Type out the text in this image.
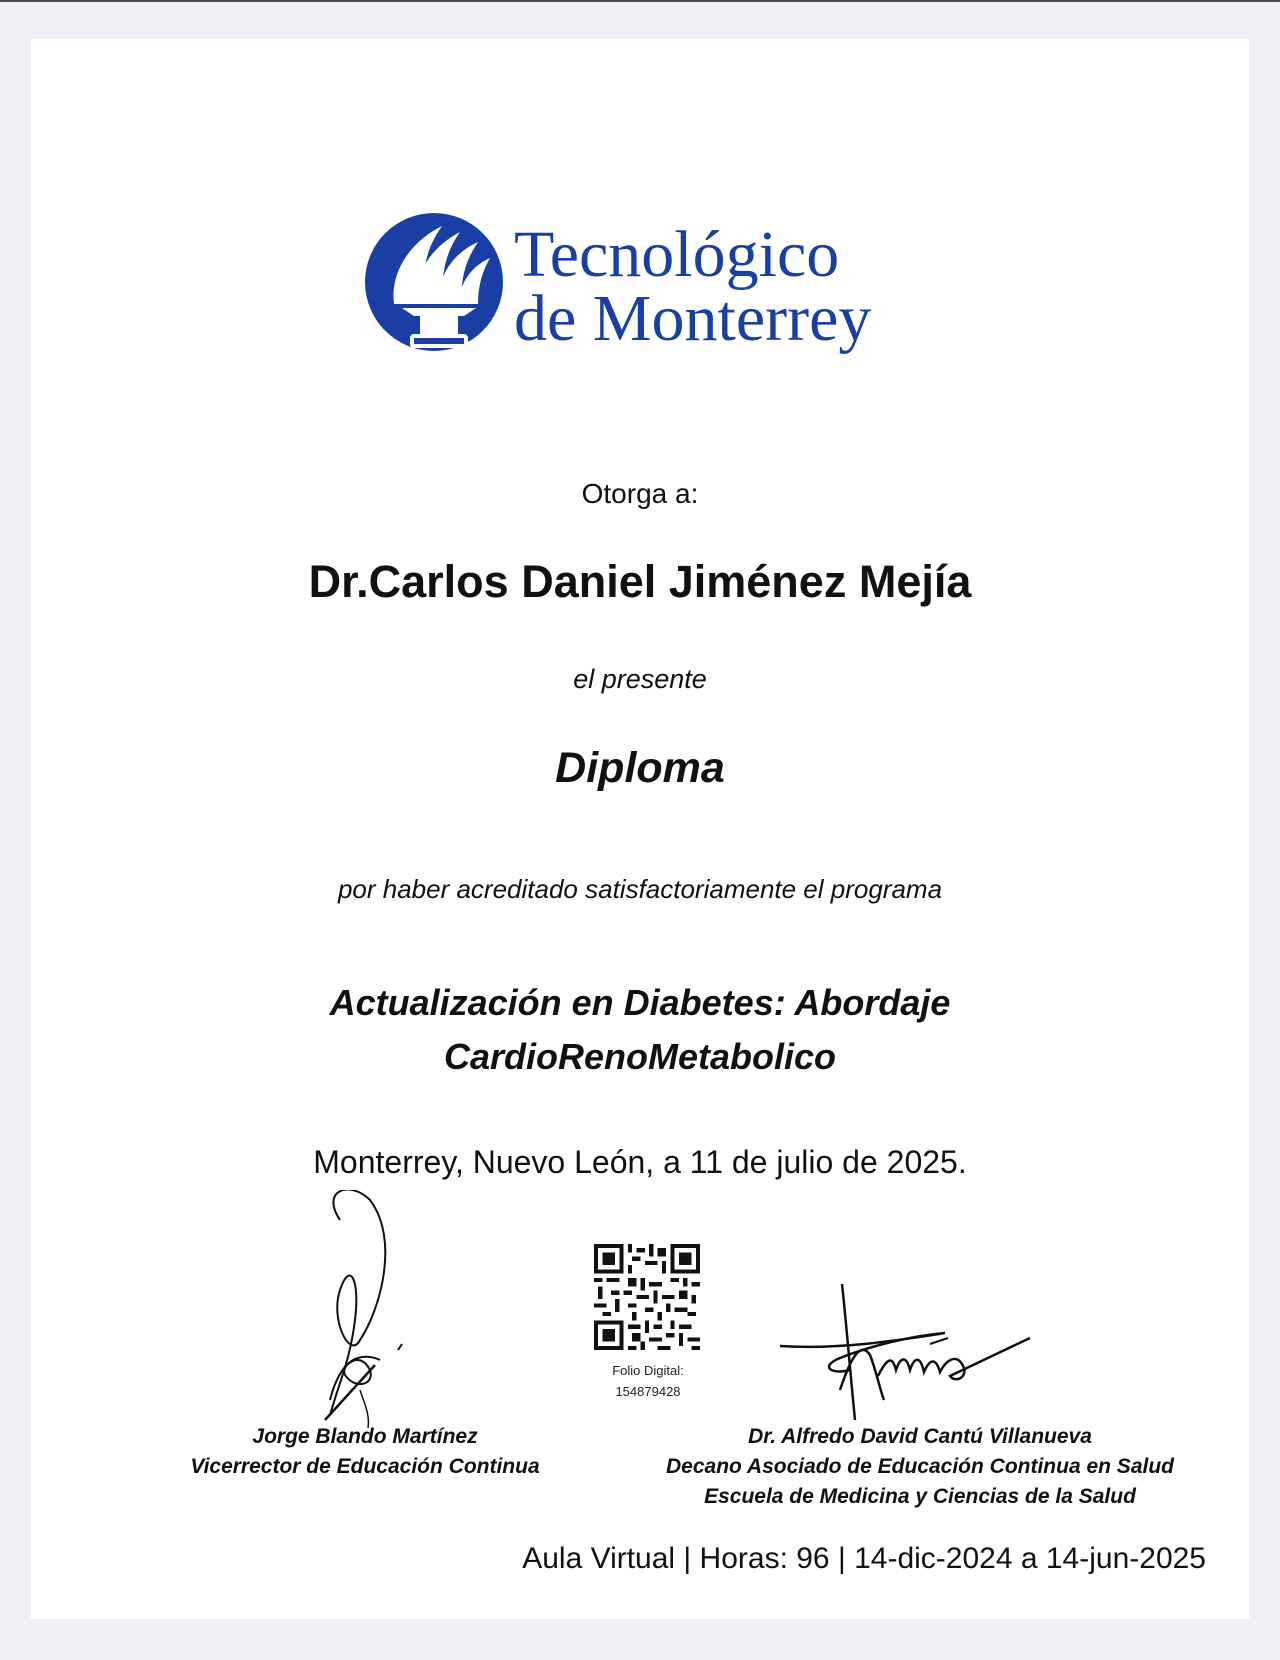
Tecnológico
de Monterrey
Otorga a:
Dr.Carlos Daniel Jiménez Mejía
el presente
Diploma
por haber acreditado satisfactoriamente el programa
Actualización en Diabetes: Abordaje
CardioRenoMetabolico
Monterrey, Nuevo León, a 11 de julio de 2025.
Folio Digital:
154879428
Jorge Blando Martínez
Vicerrector de Educación Continua
Dr. Alfredo David Cantú Villanueva
Decano Asociado de Educación Continua en Salud
Escuela de Medicina y Ciencias de la Salud
Aula Virtual | Horas: 96 | 14-dic-2024 a 14-jun-2025
